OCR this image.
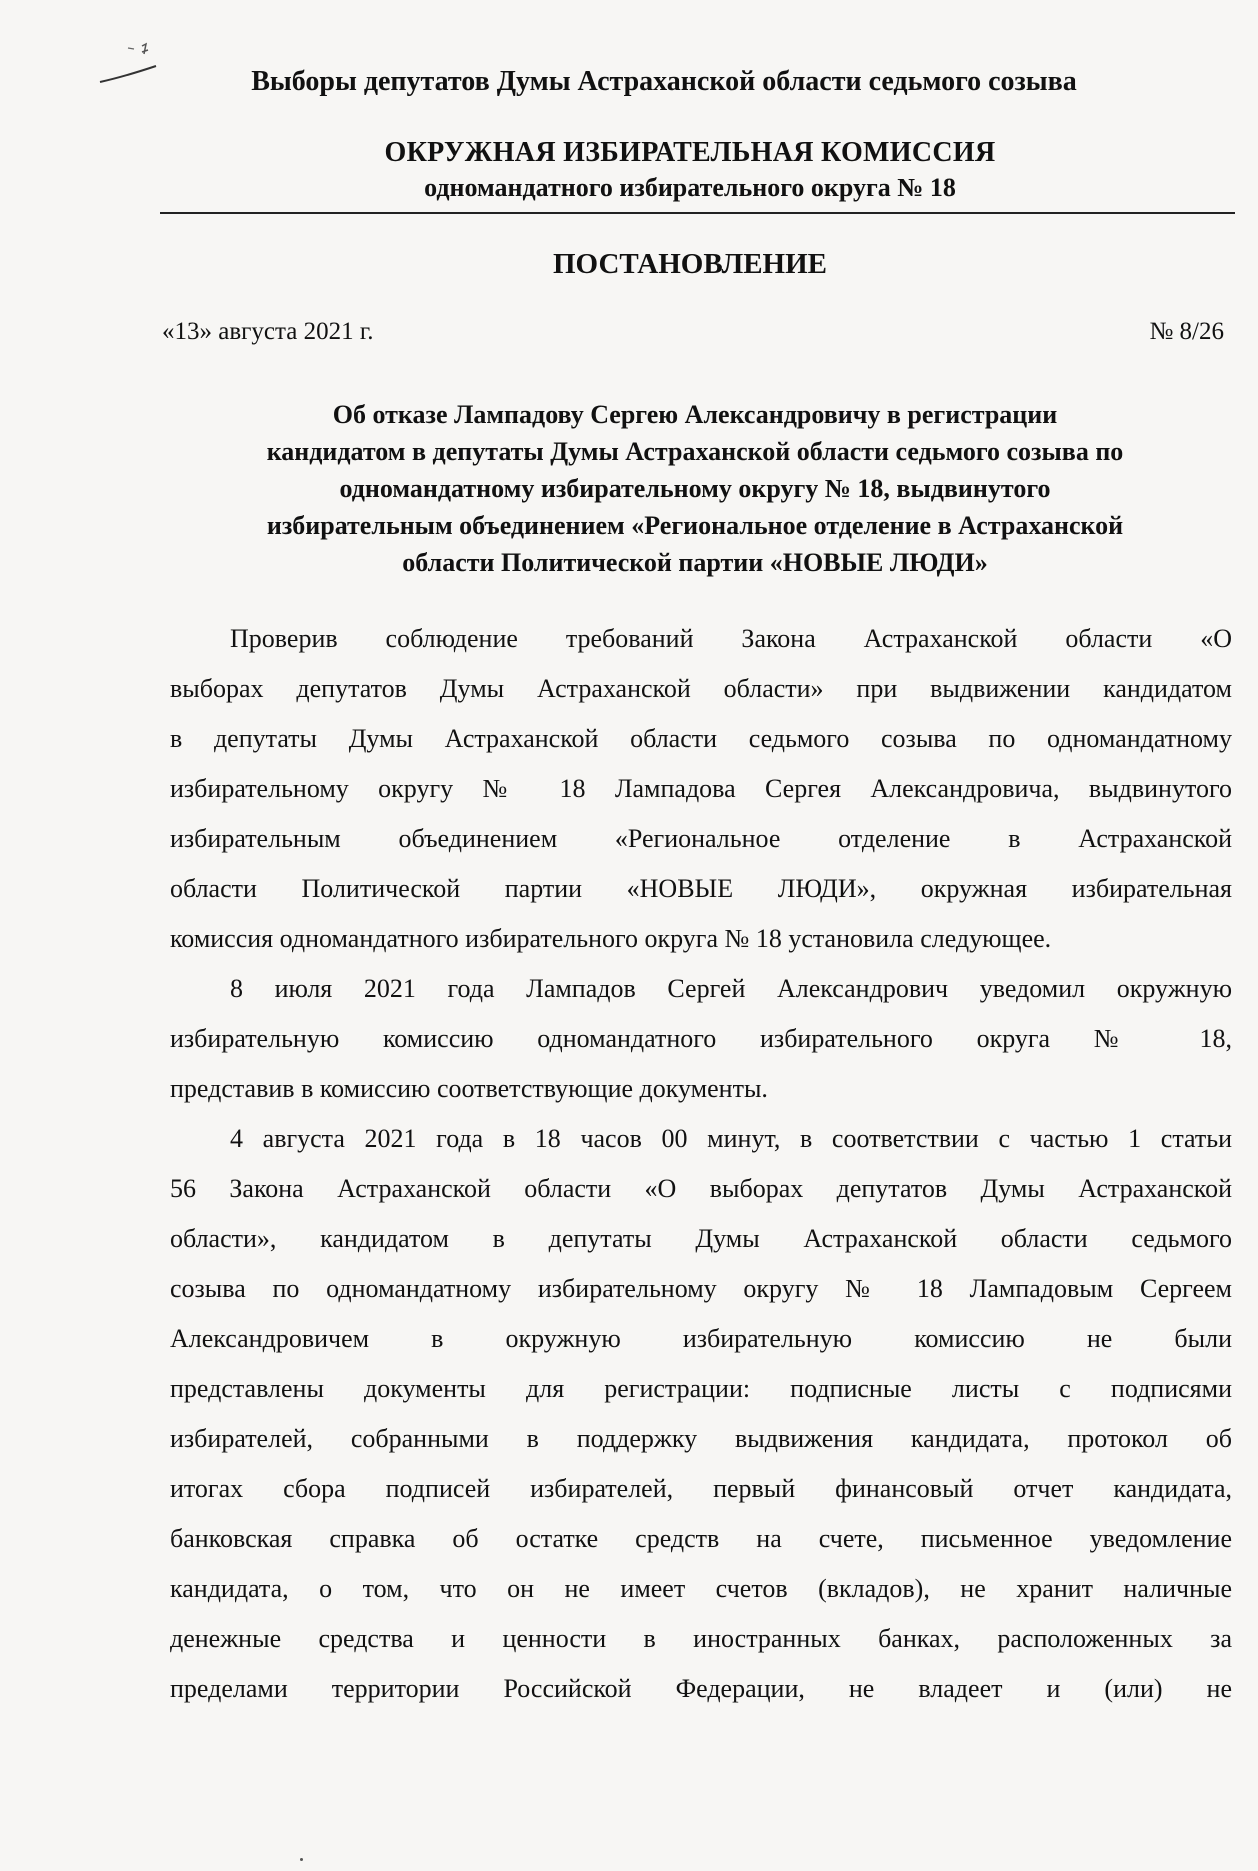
Выборы депутатов Думы Астраханской области седьмого созыва
ОКРУЖНАЯ ИЗБИРАТЕЛЬНАЯ КОМИССИЯ
одномандатного избирательного округа № 18
ПОСТАНОВЛЕНИЕ
«13» августа 2021 г.	№ 8/26
Об отказе Лампадову Сергею Александровичу в регистрации
кандидатом в депутаты Думы Астраханской области седьмого созыва по
одномандатному избирательному округу № 18, выдвинутого
избирательным объединением «Региональное отделение в Астраханской
области Политической партии «НОВЫЕ ЛЮДИ»
Проверив соблюдение требований Закона Астраханской области «О
выборах депутатов Думы Астраханской области» при выдвижении кандидатом
в депутаты Думы Астраханской области седьмого созыва по одномандатному
избирательному округу № 18 Лампадова Сергея Александровича, выдвинутого
избирательным объединением «Региональное отделение в Астраханской
области Политической партии «НОВЫЕ ЛЮДИ», окружная избирательная
комиссия одномандатного избирательного округа № 18 установила следующее.
8 июля 2021 года Лампадов Сергей Александрович уведомил окружную
избирательную комиссию одномандатного избирательного округа № 18,
представив в комиссию соответствующие документы.
4 августа 2021 года в 18 часов 00 минут, в соответствии с частью 1 статьи
56 Закона Астраханской области «О выборах депутатов Думы Астраханской
области», кандидатом в депутаты Думы Астраханской области седьмого
созыва по одномандатному избирательному округу № 18 Лампадовым Сергеем
Александровичем в окружную избирательную комиссию не были
представлены документы для регистрации: подписные листы с подписями
избирателей, собранными в поддержку выдвижения кандидата, протокол об
итогах сбора подписей избирателей, первый финансовый отчет кандидата,
банковская справка об остатке средств на счете, письменное уведомление
кандидата, о том, что он не имеет счетов (вкладов), не хранит наличные
денежные средства и ценности в иностранных банках, расположенных за
пределами территории Российской Федерации, не владеет и (или) не
